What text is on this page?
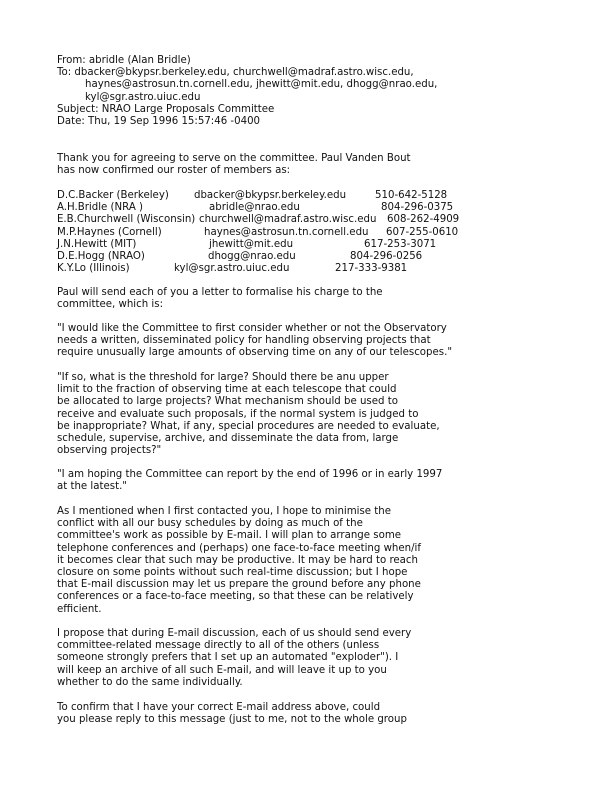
From: abridle (Alan Bridle)
To: dbacker@bkypsr.berkeley.edu, churchwell@madraf.astro.wisc.edu,
haynes@astrosun.tn.cornell.edu, jhewitt@mit.edu, dhogg@nrao.edu,
kyl@sgr.astro.uiuc.edu
Subject: NRAO Large Proposals Committee
Date: Thu, 19 Sep 1996 15:57:46 -0400
Thank you for agreeing to serve on the committee. Paul Vanden Bout
has now confirmed our roster of members as:
D.C.Backer (Berkeley) dbacker@bkypsr.berkeley.edu	510-642-5128
A.H.Bridle (NRA )	abridle@nrao.edu	804-296-0375
E.B.Churchwell (Wisconsin) churchwell@madraf.astro.wisc.edu 608-262-4909
M.P.Haynes (Cornell)	haynes@astrosun.tn.cornell.edu 607-255-0610
J.N.Hewitt (MIT)	jhewitt@mit.edu	617-253-3071
D.E.Hogg (NRAO)	dhogg@nrao.edu	804-296-0256
K.Y.Lo (Illinois)	kyl@sgr.astro.uiuc.edu	217-333-9381
Paul will send each of you a letter to formalise his charge to the
committee, which is:
"I would like the Committee to first consider whether or not the Observatory
needs a written, disseminated policy for handling observing projects that
require unusually large amounts of observing time on any of our telescopes."
"If so, what is the threshold for large? Should there be anu upper
limit to the fraction of observing time at each telescope that could
be allocated to large projects? What mechanism should be used to
receive and evaluate such proposals, if the normal system is judged to
be inappropriate? What, if any, special procedures are needed to evaluate,
schedule, supervise, archive, and disseminate the data from, large
observing projects?"
"I am hoping the Committee can report by the end of 1996 or in early 1997
at the latest."
As I mentioned when I first contacted you, I hope to minimise the
conflict with all our busy schedules by doing as much of the
committee's work as possible by E-mail. I will plan to arrange some
telephone conferences and (perhaps) one face-to-face meeting when/if
it becomes clear that such may be productive. It may be hard to reach
closure on some points without such real-time discussion; but I hope
that E-mail discussion may let us prepare the ground before any phone
conferences or a face-to-face meeting, so that these can be relatively
efficient.
I propose that during E-mail discussion, each of us should send every
committee-related message directly to all of the others (unless
someone strongly prefers that I set up an automated "exploder"). I
will keep an archive of all such E-mail, and will leave it up to you
whether to do the same individually.
To confirm that I have your correct E-mail address above, could
you please reply to this message (just to me, not to the whole group
